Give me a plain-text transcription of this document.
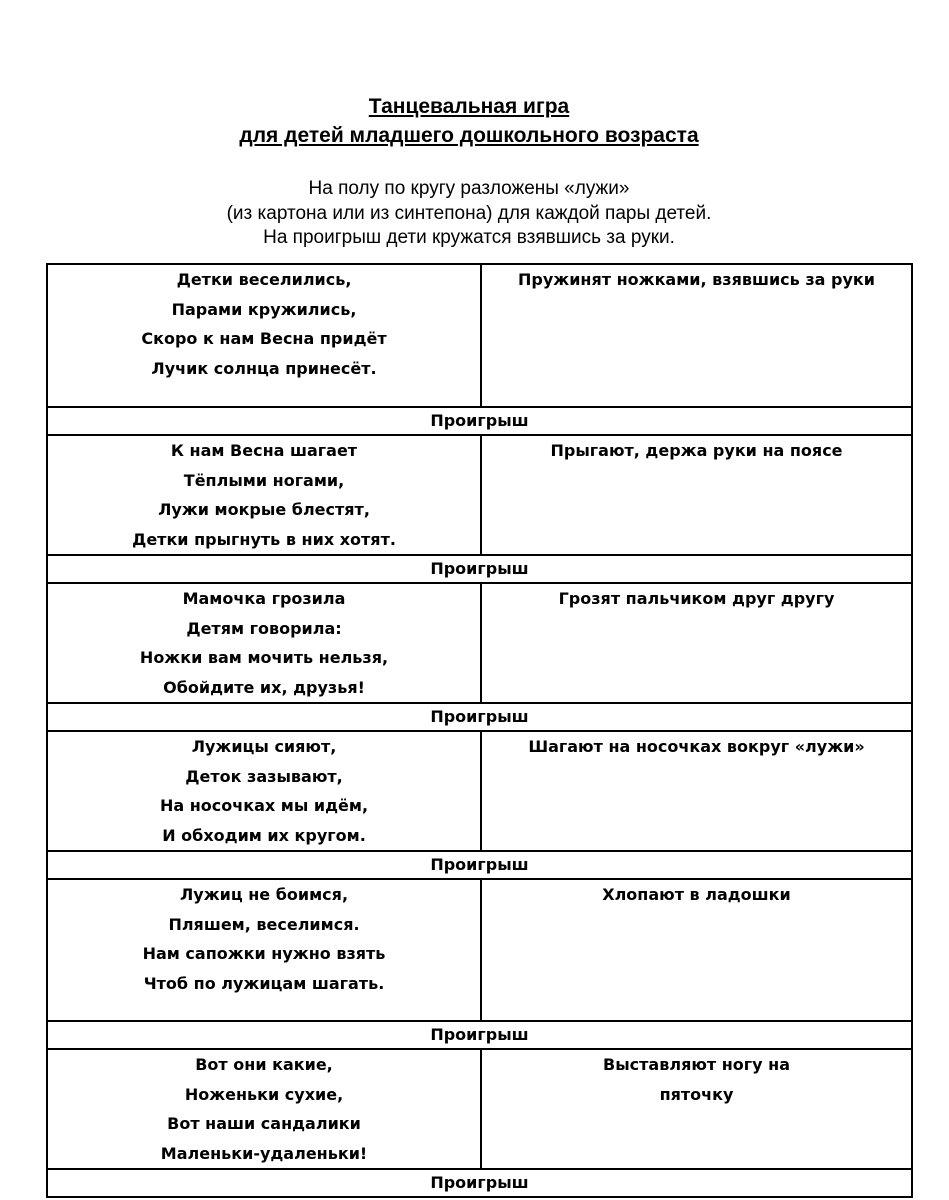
Танцевальная игра
для детей младшего дошкольного возраста
На полу по кругу разложены «лужи»
(из картона или из синтепона) для каждой пары детей.
На проигрыш дети кружатся взявшись за руки.
Детки веселились,
Парами кружились,
Скоро к нам Весна придёт
Лучик солнца принесёт.	Пружинят ножками, взявшись за руки
Проигрыш	

К нам Весна шагает
Тёплыми ногами,
Лужи мокрые блестят,
Детки прыгнуть в них хотят.	Прыгают, держа руки на поясе
Проигрыш	

Мамочка грозила
Детям говорила:
Ножки вам мочить нельзя,
Обойдите их, друзья!	Грозят пальчиком друг другу
Проигрыш	

Лужицы сияют,
Деток зазывают,
На носочках мы идём,
И обходим их кругом.	Шагают на носочках вокруг «лужи»
Проигрыш	

Лужиц не боимся,
Пляшем, веселимся.
Нам сапожки нужно взять
Чтоб по лужицам шагать.	Хлопают в ладошки
Проигрыш	

Вот они какие,
Ноженьки сухие,
Вот наши сандалики
Маленьки-удаленьки!	Выставляют ногу на пяточку
Проигрыш	
